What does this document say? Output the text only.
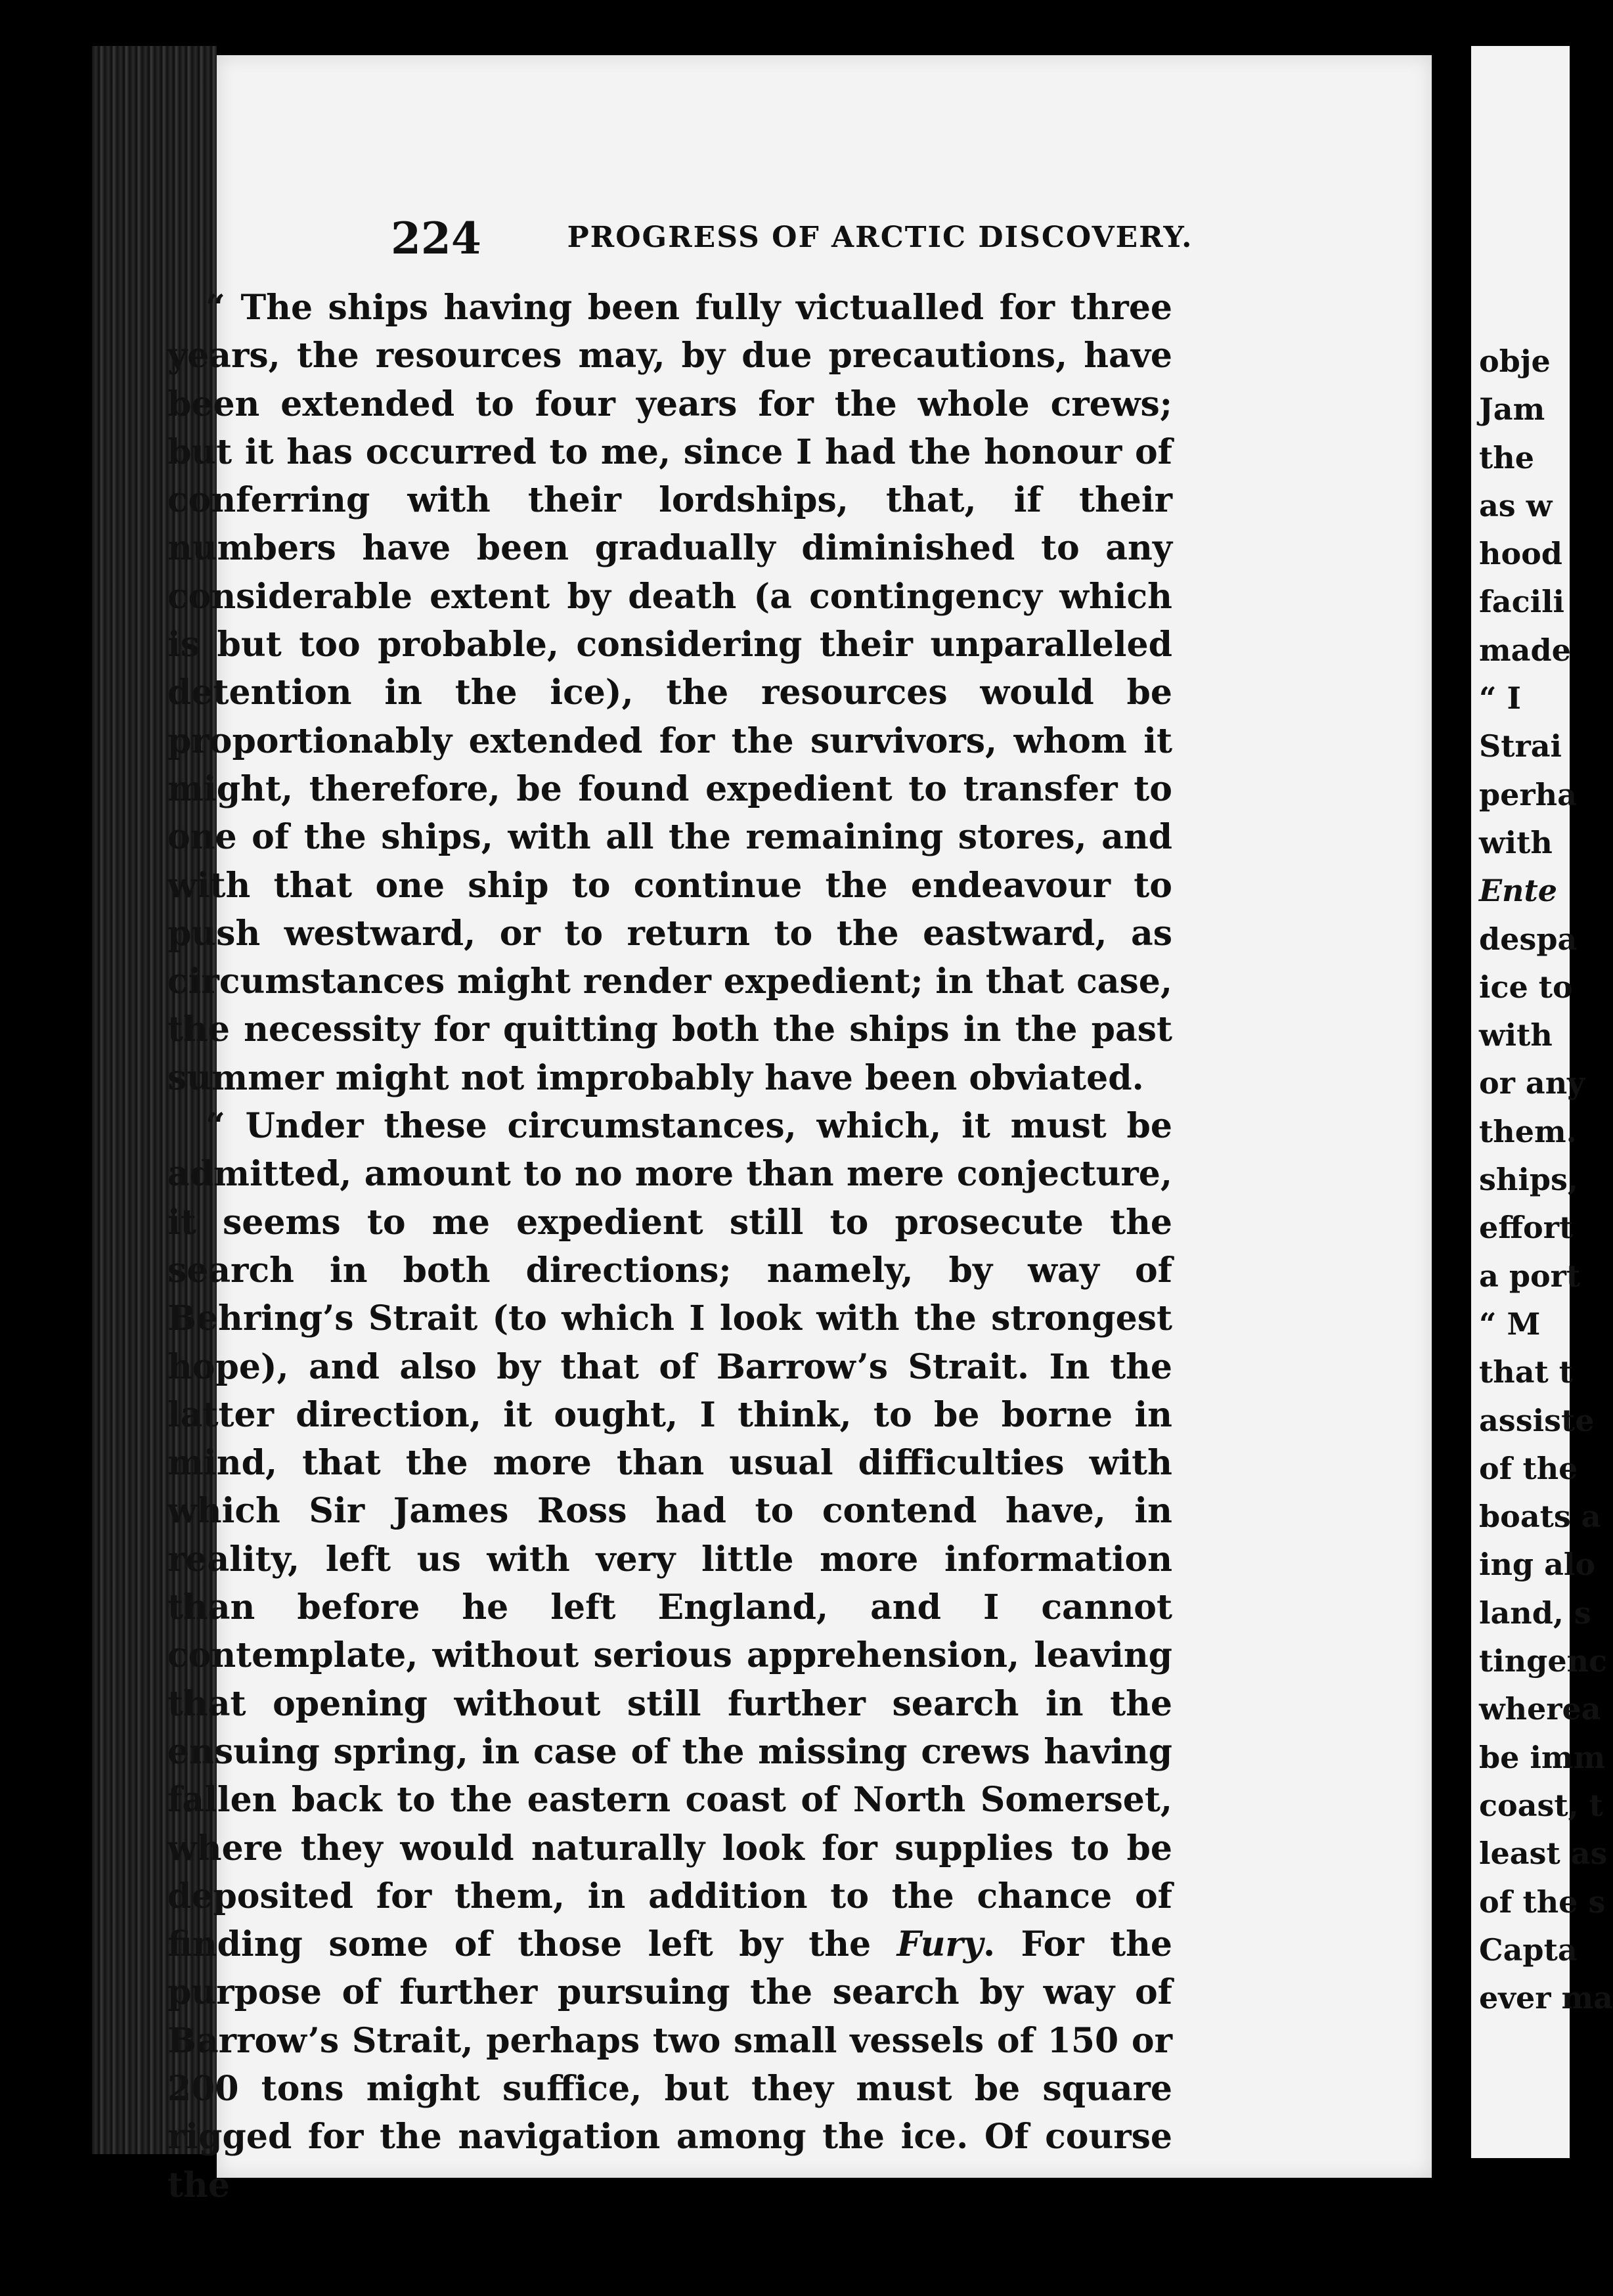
224	PROGRESS OF ARCTIC DISCOVERY.

“ The ships having been fully victualled for three years, the resources may, by due precautions, have been extended to four years for the whole crews; but it has occurred to me, since I had the honour of conferring with their lordships, that, if their numbers have been gradually diminished to any considerable extent by death (a contingency which is but too probable, considering their unparalleled detention in the ice), the resources would be proportionably extended for the survivors, whom it might, therefore, be found expedient to transfer to one of the ships, with all the remaining stores, and with that one ship to continue the endeavour to push westward, or to return to the eastward, as circumstances might render expedient; in that case, the necessity for quitting both the ships in the past summer might not improbably have been obviated.

“ Under these circumstances, which, it must be admitted, amount to no more than mere conjecture, it seems to me expedient still to prosecute the search in both directions; namely, by way of Behring’s Strait (to which I look with the strongest hope), and also by that of Barrow’s Strait. In the latter direction, it ought, I think, to be borne in mind, that the more than usual difficulties with which Sir James Ross had to contend have, in reality, left us with very little more information than before he left England, and I cannot contemplate, without serious apprehension, leaving that opening without still further search in the ensuing spring, in case of the missing crews having fallen back to the eastern coast of North Somerset, where they would naturally look for supplies to be deposited for them, in addition to the chance of finding some of those left by the Fury. For the purpose of further pursuing the search by way of Barrow’s Strait, perhaps two small vessels of 150 or 200 tons might suffice, but they must be square rigged for the navigation among the ice. Of course the

obje
Jam
the
as w
hood
facili
made
“ I
Strai
perha
with
Ente
despa
ice to
with
or any
them.
ships,
effort
a port
“ M
that t
assiste
of the
boats a
ing alo
land, s
tingenc
wherea
be imm
coast, t
least as
of the s
Capta
ever ma
